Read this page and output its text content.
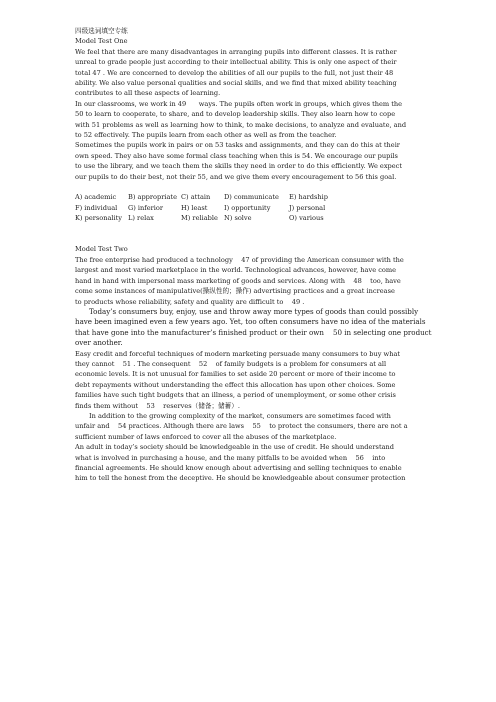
四级选词填空专练

Model Test One

We feel that there are many disadvantages in arranging pupils into different classes. It is rather

unreal to grade people just according to their intellectual ability. This is only one aspect of their

total 47 . We are concerned to develop the abilities of all our pupils to the full, not just their 48

ability. We also value personal qualities and social skills, and we find that mixed ability teaching

contributes to all these aspects of learning.

In our classrooms, we work in 49      ways. The pupils often work in groups, which gives them the

50 to learn to cooperate, to share, and to develop leadership skills. They also learn how to cope

with 51 problems as well as learning how to think, to make decisions, to analyze and evaluate, and

to 52 effectively. The pupils learn from each other as well as from the teacher.

Sometimes the pupils work in pairs or on 53 tasks and assignments, and they can do this at their

own speed. They also have some formal class teaching when this is 54. We encourage our pupils

to use the library, and we teach them the skills they need in order to do this efficiently. We expect

our pupils to do their best, not their 55, and we give them every encouragement to 56 this goal.

A) academic	B) appropriate C) attain	D) communicate	E) hardship
F) individual	G) inferior	H) least	I) opportunity	J) personal
K) personality L) relax	M) reliable N) solve	O) various

Model Test Two

The free enterprise had produced a technology    47 of providing the American consumer with the

largest and most varied marketplace in the world. Technological advances, however, have come

hand in hand with impersonal mass marketing of goods and services. Along with    48    too, have

come some instances of manipulative(操纵性的；操作) advertising practices and a great increase

to products whose reliability, safety and quality are difficult to    49 .

Today’s consumers buy, enjoy, use and throw away more types of goods than could possibly

have been imagined even a few years ago. Yet, too often consumers have no idea of the materials

that have gone into the manufacturer’s finished product or their own    50 in selecting one product

over another.

Easy credit and forceful techniques of modern marketing persuade many consumers to buy what

they cannot    51 . The consequent    52    of family budgets is a problem for consumers at all

economic levels. It is not unusual for families to set aside 20 percent or more of their income to

debt repayments without understanding the effect this allocation has upon other choices. Some

families have such tight budgets that an illness, a period of unemployment, or some other crisis

finds them without    53    reserves（储备；储蓄）.

In addition to the growing complexity of the market, consumers are sometimes faced with

unfair and    54 practices. Although there are laws    55    to protect the consumers, there are not a

sufficient number of laws enforced to cover all the abuses of the marketplace.

An adult in today’s society should be knowledgeable in the use of credit. He should understand

what is involved in purchasing a house, and the many pitfalls to be avoided when    56    into

financial agreements. He should know enough about advertising and selling techniques to enable

him to tell the honest from the deceptive. He should be knowledgeable about consumer protection
